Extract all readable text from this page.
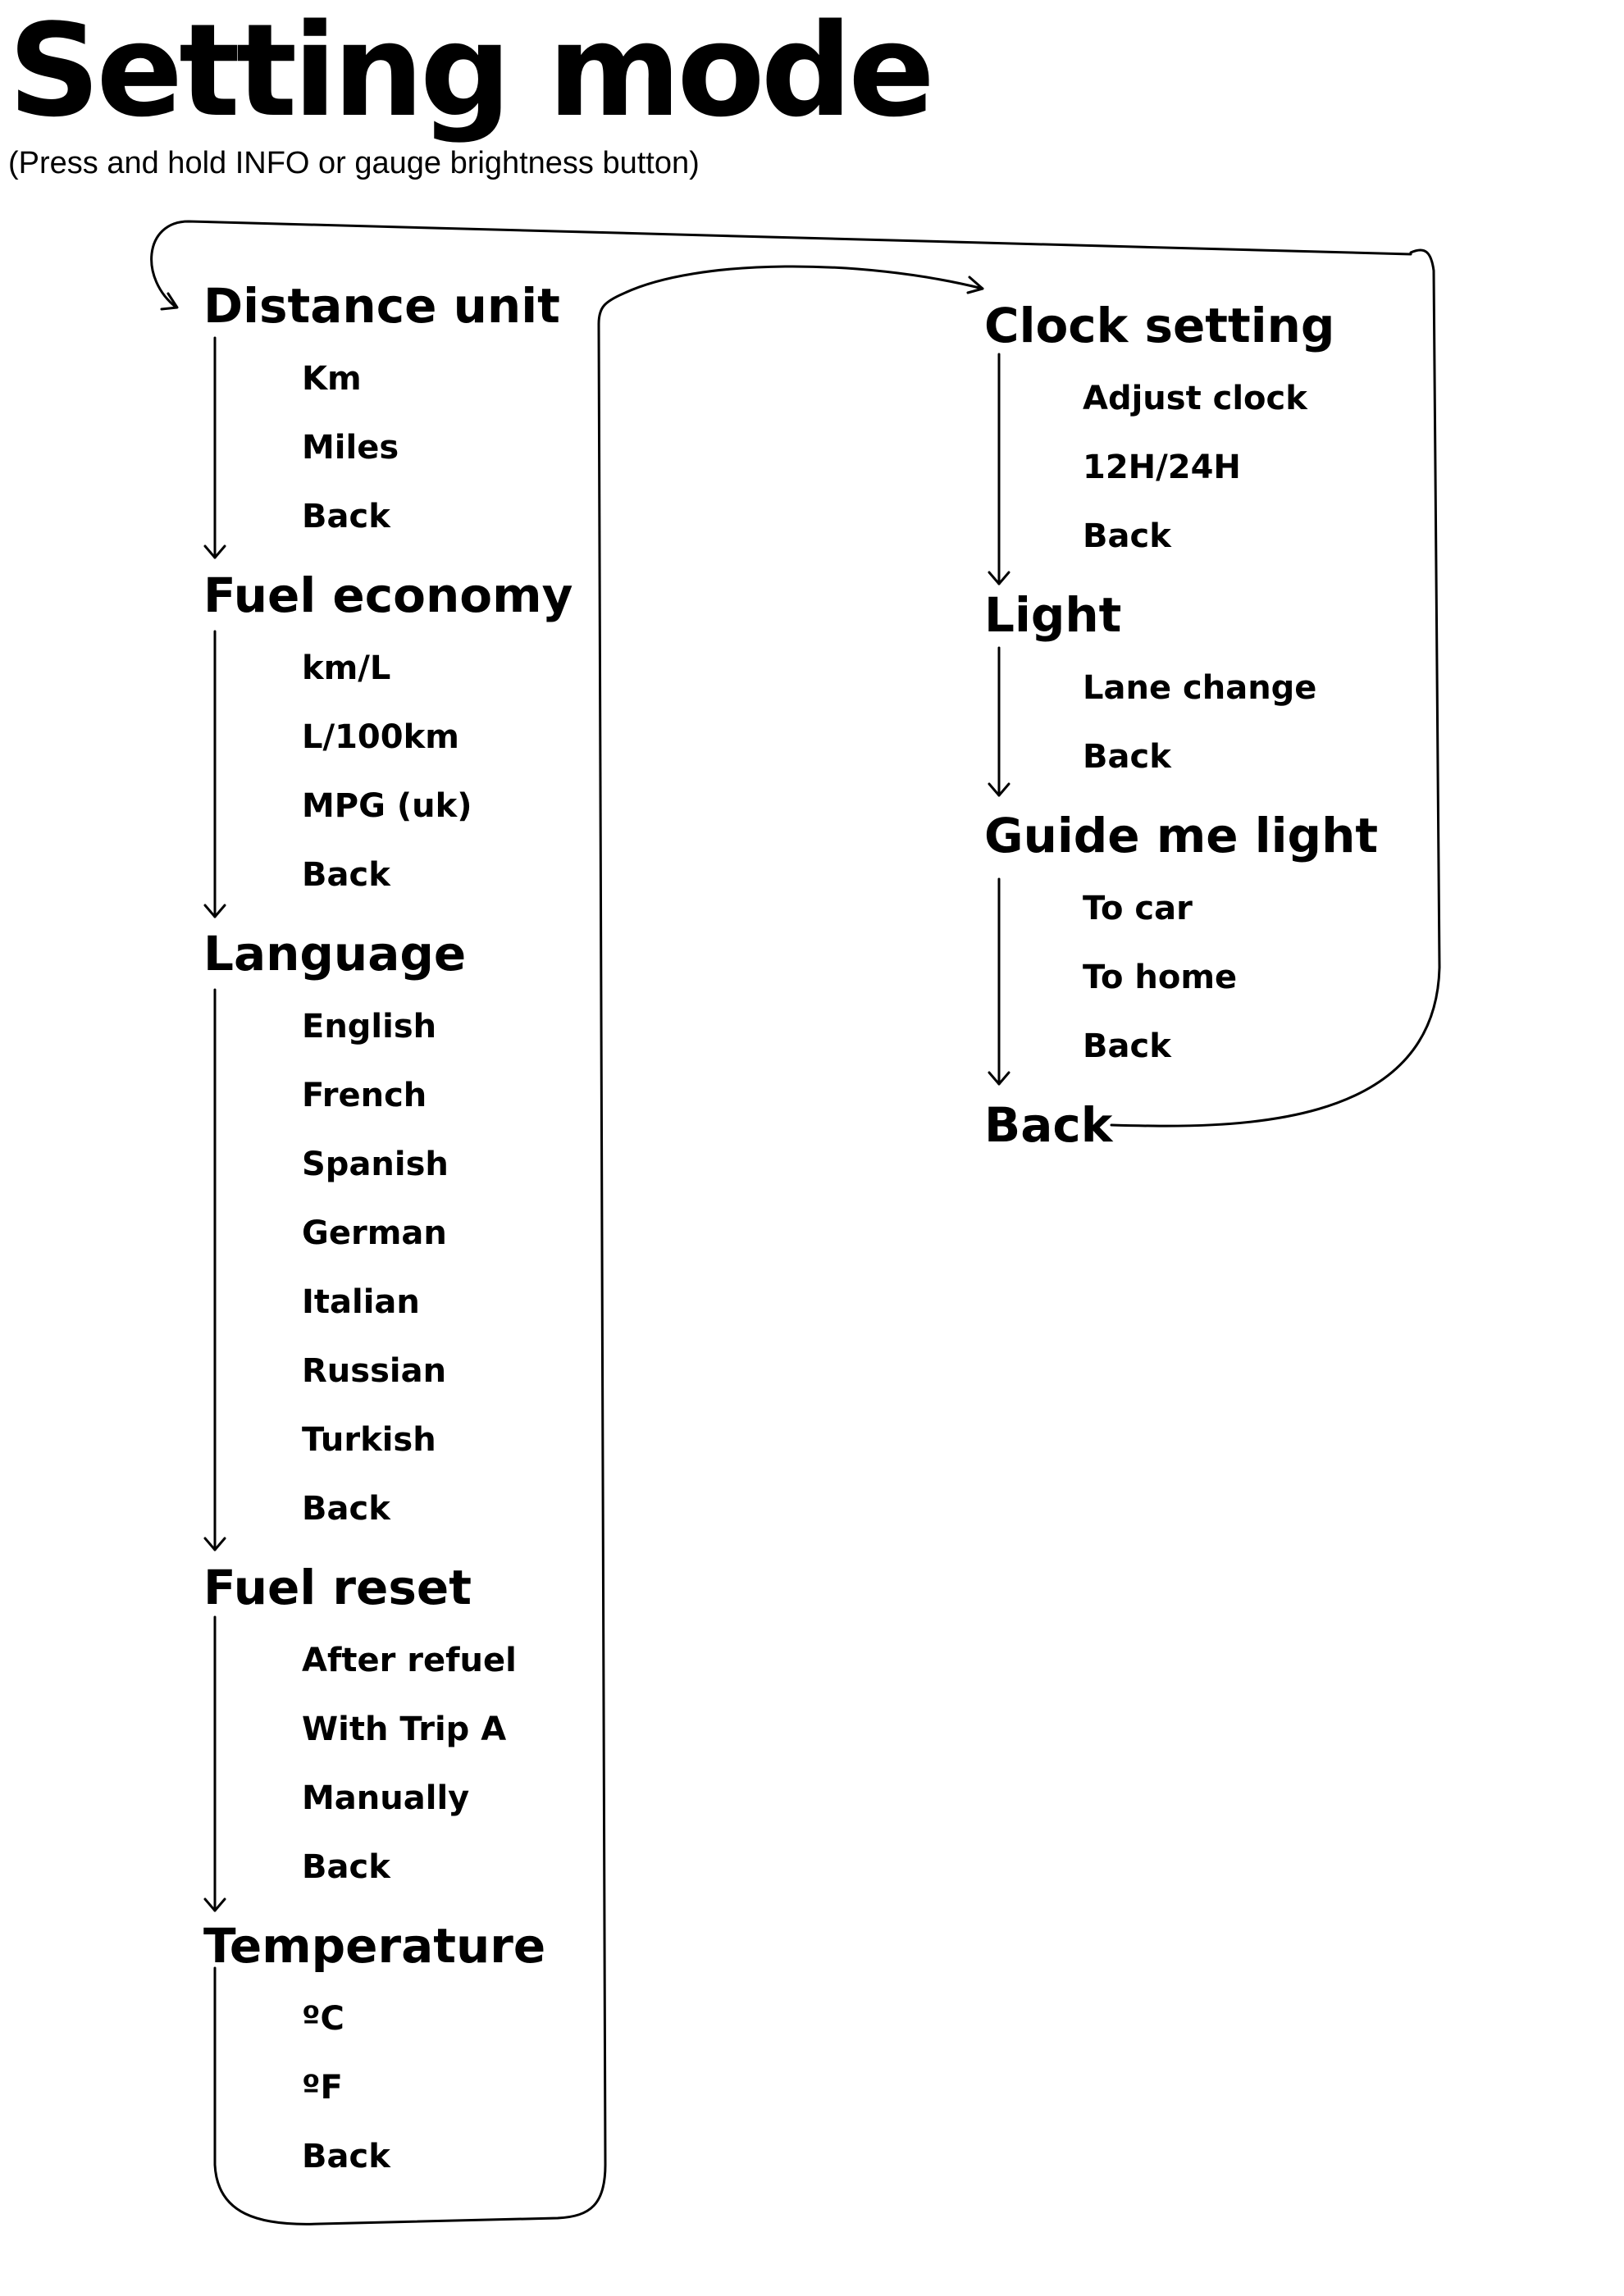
Setting mode
(Press and hold INFO or gauge brightness button)
Distance unit
Km
Miles
Back
Fuel economy
km/L
L/100km
MPG (uk)
Back
Language
English
French
Spanish
German
Italian
Russian
Turkish
Back
Fuel reset
After refuel
With Trip A
Manually
Back
Temperature
ºC
ºF
Back
Clock setting
Adjust clock
12H/24H
Back
Light
Lane change
Back
Guide me light
To car
To home
Back
Back
